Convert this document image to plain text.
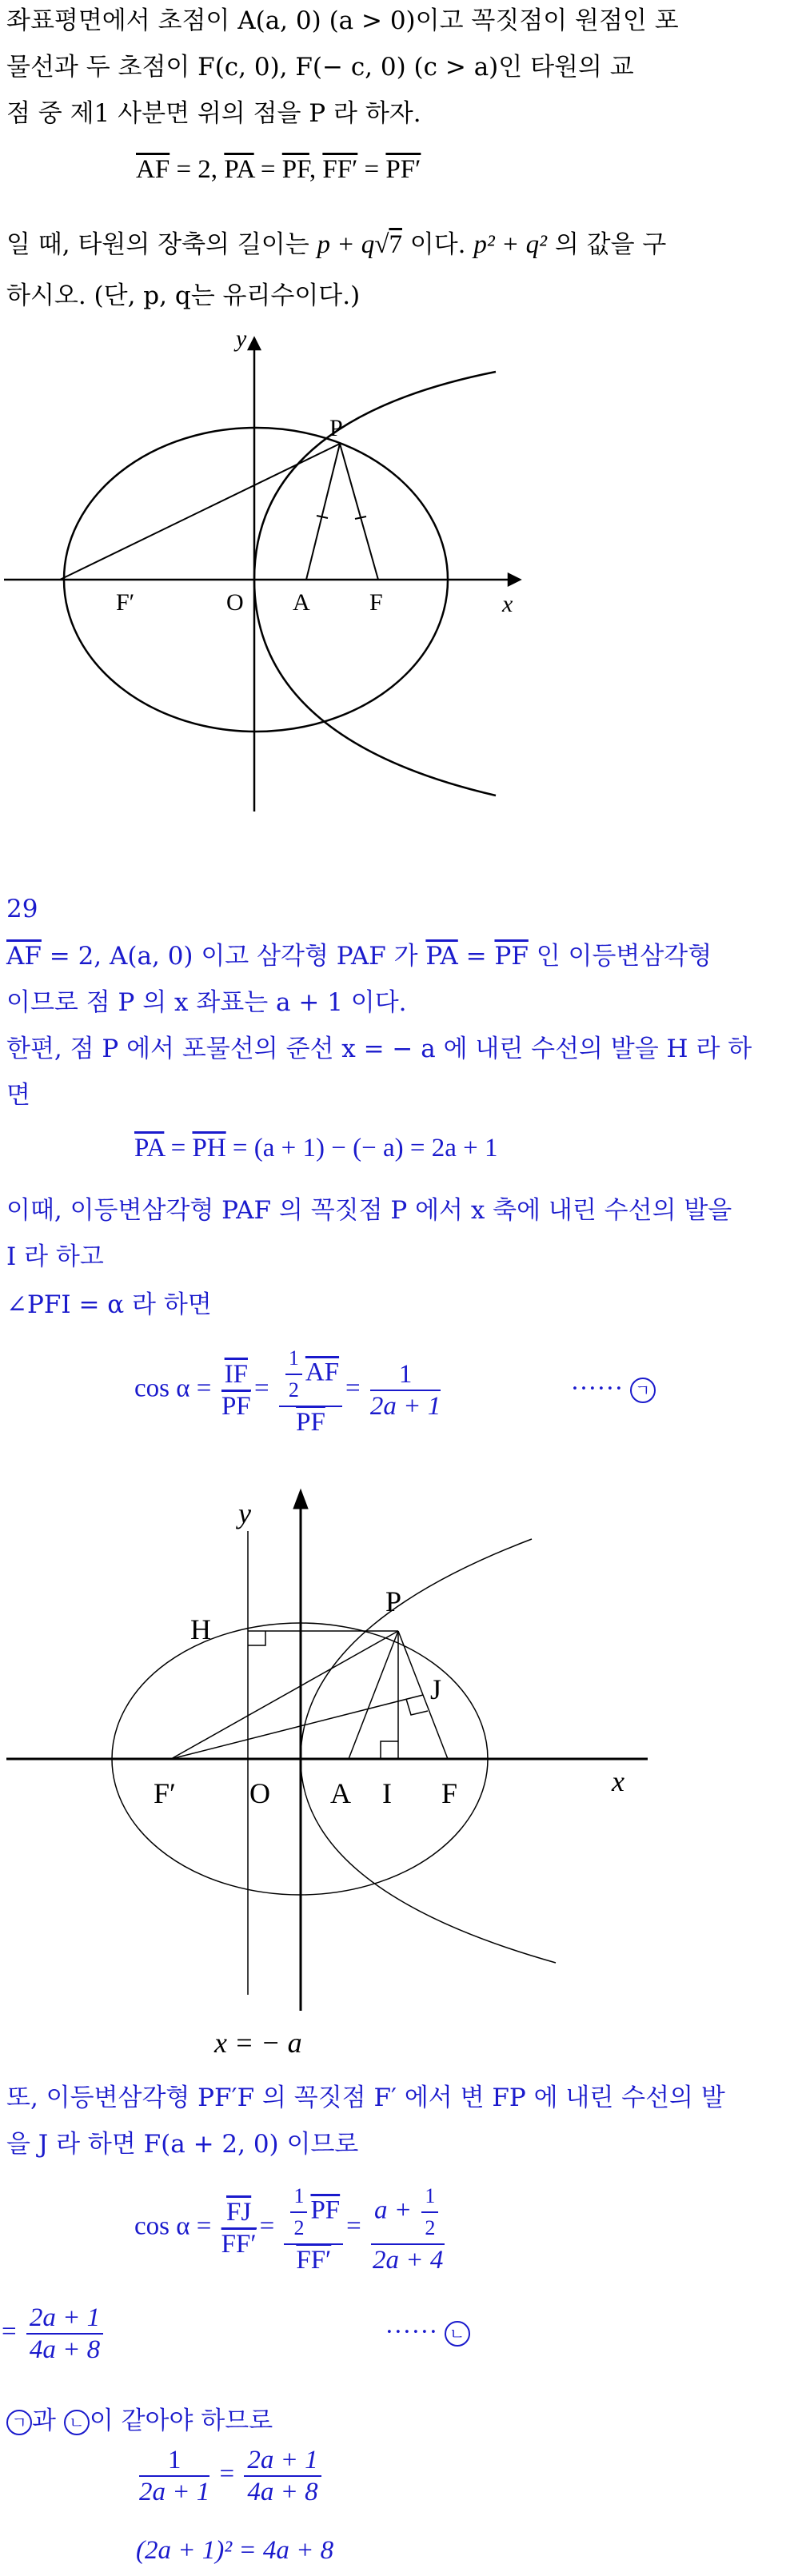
좌표평면에서 초점이 A(a, 0) (a > 0)이고 꼭짓점이 원점인 포
물선과 두 초점이 F(c, 0), F(− c, 0) (c > a)인 타원의 교
점 중 제1 사분면 위의 점을 P 라 하자.
$\overline{AF} = 2$, $\overline{PA} = \overline{PF}$, FF′ = PF′
일 때, 타원의 장축의 길이는 p + q√7 이다. p² + q² 의 값을 구
하시오. (단, p, q는 유리수이다.)
y
x
P
F′	O A F
29
$\overline{AF} = 2$, A(a, 0) 이고 삼각형 PAF 가 $\overline{PA} = \overline{PF}$ 인 이등변삼각형
이므로 점 P 의 x 좌표는 a + 1 이다.
한편, 점 P 에서 포물선의 준선 x = − a 에 내린 수선의 발을 H 라 하
면
$\overline{PA} = \overline{PH} = (a + 1)$ − (− a) = 2a + 1
이때, 이등변삼각형 PAF 의 꼭짓점 P 에서 x 축에 내린 수선의 발을
I 라 하고
∠PFI = α 라 하면
$\cos \alpha = \frac{\overline{IF}}{PF} = \frac{\frac{1}{2} \overline{AF}}{PF} = \frac{1}{2a + 1}$	······ ㄱ
y
x
H
P
J
F′	O A I F
x = − a
또, 이등변삼각형 PF′F 의 꼭짓점 F′ 에서 변 FP 에 내린 수선의 발
을 J 라 하면 F(a + 2, 0) 이므로
$\cos \alpha = \frac{\overline{FJ}}{FF'} = \frac{\frac{1}{2} \overline{PF}}{FF'} = \frac{a + \frac{1}{2}}{2a + 4}$
= $\frac{2a + 1}{4a + 8}$	······ ㄴ
ㄱ 과 ㄴ 이 같아야 하므로
$\frac{1}{2a + 1} = \frac{2a + 1}{4a + 8}$
(2a + 1)² = 4a + 8
